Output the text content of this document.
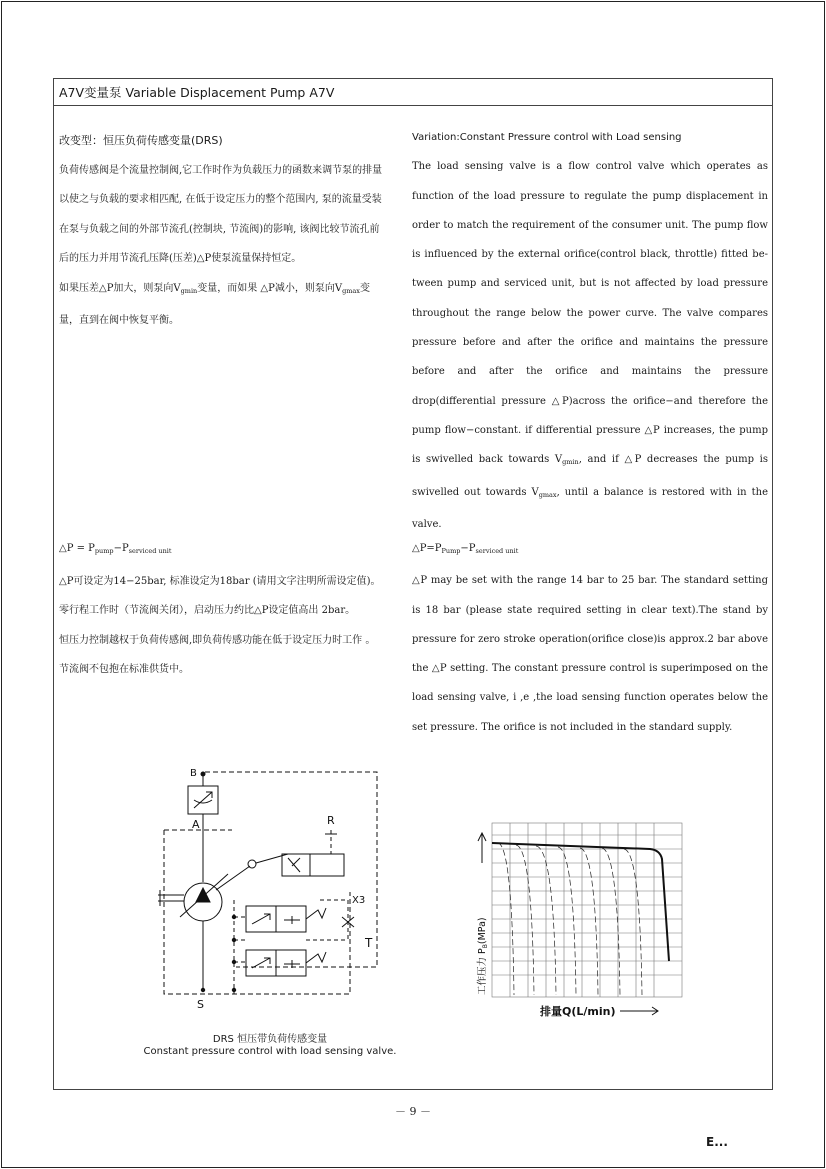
A7V变量泵 Variable Displacement Pump A7V

改变型：恒压负荷传感变量(DRS)

负荷传感阀是个流量控制阀,它工作时作为负载压力的函数来调节泵的排量以使之与负载的要求相匹配, 在低于设定压力的整个范围内, 泵的流量受装在泵与负载之间的外部节流孔(控制块, 节流阀)的影响, 该阀比较节流孔前后的压力并用节流孔压降(压差)△P使泵流量保持恒定。

如果压差△P加大，则泵向$V_{gmin}$变量，而如果 △P减小，则泵向$V_{gmax}$变量，直到在阀中恢复平衡。

Variation:Constant Pressure control with Load sensing

The load sensing valve is a flow control valve which operates as function of the load pressure to regulate the pump displacement in order to match the requirement of the consumer unit. The pump flow is influenced by the external orifice(control black, throttle) fitted between pump and serviced unit, but is not affected by load pressure throughout the range below the power curve. The valve compares pressure before and after the orifice and maintains the pressure before and after the orifice and maintains the pressure drop(differential pressure △P)across the orifice−and therefore the pump flow−constant. if differential pressure △P increases, the pump is swivelled back towards $V_{gmin}$, and if △P decreases the pump is swivelled out towards $V_{gmax}$, until a balance is restored with in the valve.

△P = $P_{pump}-P_{serviced unit}$

△P可设定为14−25bar, 标准设定为18bar (请用文字注明所需设定值)。

零行程工作时（节流阀关闭），启动压力约比△P设定值高出 2bar。

恒压力控制越权于负荷传感阀,即负荷传感功能在低于设定压力时工作 。

节流阀不包抱在标准供货中。

$\triangle P=P_{Pump}-P_{serviced unit}$

△P may be set with the range 14 bar to 25 bar. The standard setting is 18 bar (please state required setting in clear text).The stand by pressure for zero stroke operation(orifice close)is approx.2 bar above the △P setting. The constant pressure control is superimposed on the load sensing valve, i ,e ,the load sensing function operates below the set pressure. The orifice is not included in the standard supply.

B
A	R
X3
T
S
DRS 恒压带负荷传感变量
Constant pressure control with load sensing valve.
工作压力 $P_B(MPa)$
排量Q(L/min)
－ 9 －
E...
